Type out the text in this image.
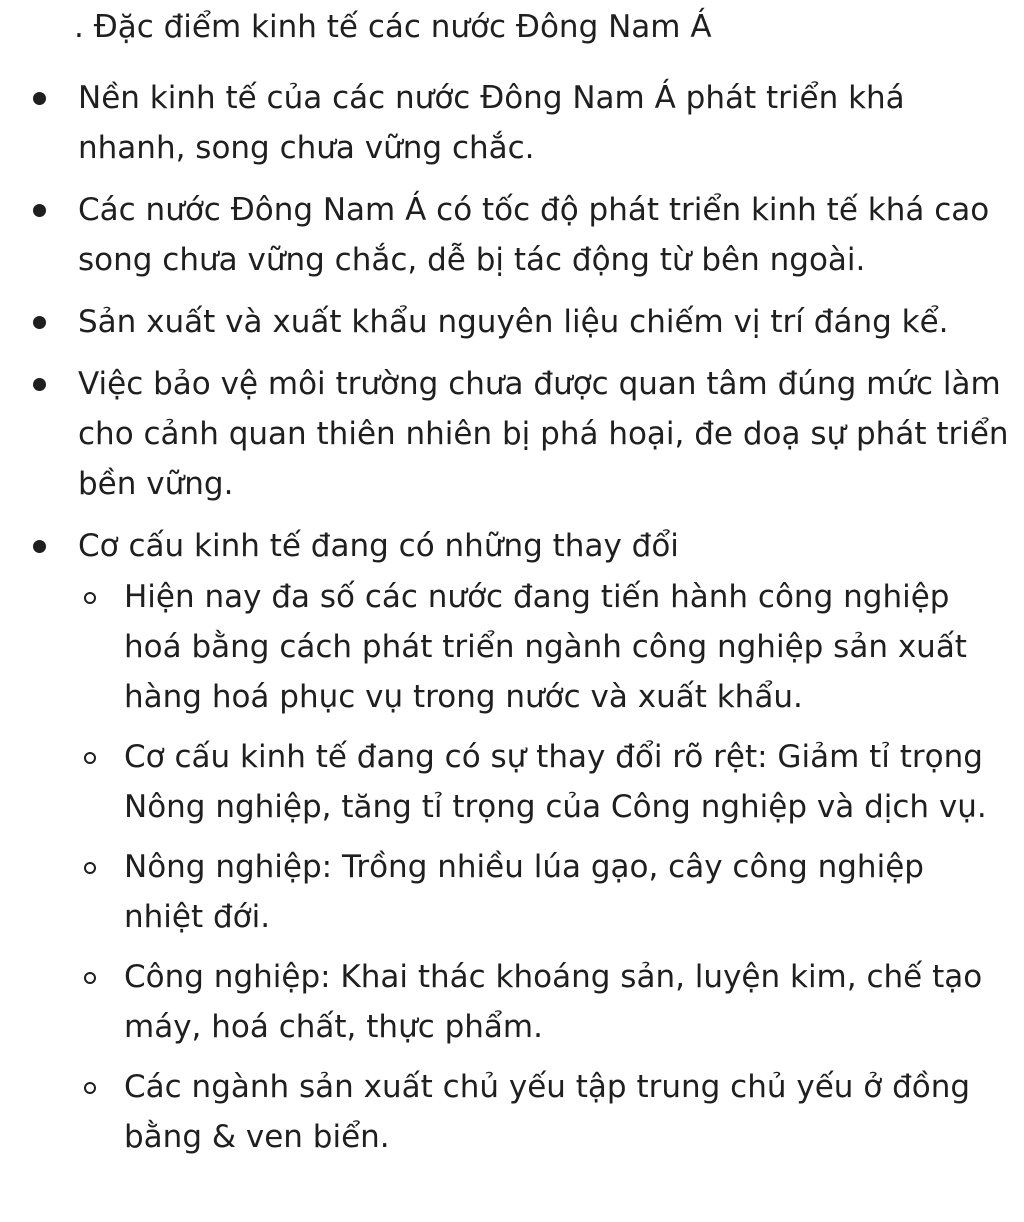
. Đặc điểm kinh tế các nước Đông Nam Á
Nền kinh tế của các nước Đông Nam Á phát triển khá nhanh, song chưa vững chắc.
Các nước Đông Nam Á có tốc độ phát triển kinh tế khá cao song chưa vững chắc, dễ bị tác động từ bên ngoài.
Sản xuất và xuất khẩu nguyên liệu chiếm vị trí đáng kể.
Việc bảo vệ môi trường chưa được quan tâm đúng mức làm cho cảnh quan thiên nhiên bị phá hoại, đe doạ sự phát triển bền vững.
Cơ cấu kinh tế đang có những thay đổi
Hiện nay đa số các nước đang tiến hành công nghiệp hoá bằng cách phát triển ngành công nghiệp sản xuất hàng hoá phục vụ trong nước và xuất khẩu.
Cơ cấu kinh tế đang có sự thay đổi rõ rệt: Giảm tỉ trọng Nông nghiệp, tăng tỉ trọng của Công nghiệp và dịch vụ.
Nông nghiệp: Trồng nhiều lúa gạo, cây công nghiệp nhiệt đới.
Công nghiệp: Khai thác khoáng sản, luyện kim, chế tạo máy, hoá chất, thực phẩm.
Các ngành sản xuất chủ yếu tập trung chủ yếu ở đồng bằng & ven biển.
